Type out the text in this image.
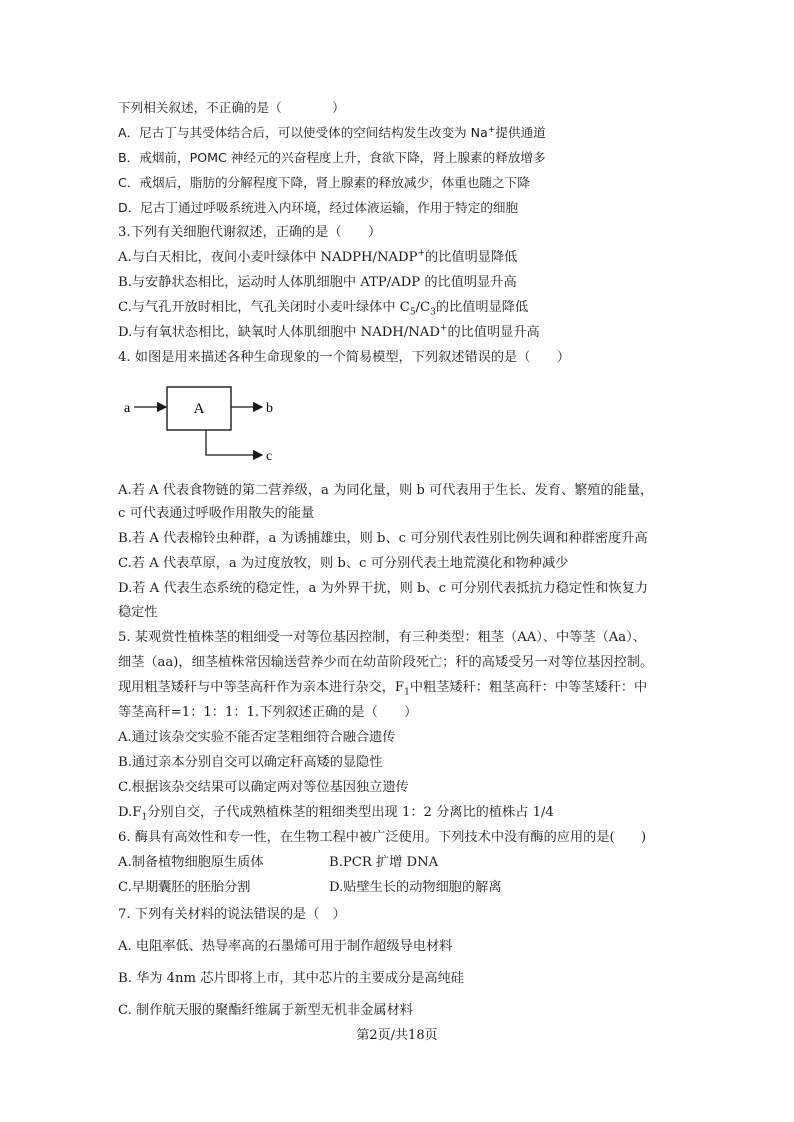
下列相关叙述，不正确的是（　　　　）
A．尼古丁与其受体结合后，可以使受体的空间结构发生改变为 Na+提供通道
B．戒烟前，POMC 神经元的兴奋程度上升，食欲下降，肾上腺素的释放增多
C．戒烟后，脂肪的分解程度下降，肾上腺素的释放减少，体重也随之下降
D．尼古丁通过呼吸系统进入内环境，经过体液运输，作用于特定的细胞
3.下列有关细胞代谢叙述，正确的是（　　）
A.与白天相比，夜间小麦叶绿体中 NADPH/NADP+的比值明显降低
B.与安静状态相比，运动时人体肌细胞中 ATP/ADP 的比值明显升高
C.与气孔开放时相比，气孔关闭时小麦叶绿体中 $C_5/C_3$的比值明显降低
D.与有氧状态相比，缺氧时人体肌细胞中 NADH/NAD+的比值明显升高
4. 如图是用来描述各种生命现象的一个简易模型，下列叙述错误的是（　　）
a	A	b
c
A.若 A 代表食物链的第二营养级，a 为同化量，则 b 可代表用于生长、发育、繁殖的能量，
c 可代表通过呼吸作用散失的能量
B.若 A 代表棉铃虫种群，a 为诱捕雄虫，则 b、c 可分别代表性别比例失调和种群密度升高
C.若 A 代表草原，a 为过度放牧，则 b、c 可分别代表土地荒漠化和物种减少
D.若 A 代表生态系统的稳定性，a 为外界干扰，则 b、c 可分别代表抵抗力稳定性和恢复力
稳定性
5. 某观赏性植株茎的粗细受一对等位基因控制，有三种类型：粗茎（AA）、中等茎（Aa）、
细茎（aa)，细茎植株常因输送营养少而在幼苗阶段死亡；秆的高矮受另一对等位基因控制。
现用粗茎矮秆与中等茎高秆作为亲本进行杂交，$F_1$中粗茎矮秆：粗茎高秆：中等茎矮秆：中
等茎高秆=1：1：1：1.下列叙述正确的是（　　）
A.通过该杂交实验不能否定茎粗细符合融合遗传
B.通过亲本分别自交可以确定秆高矮的显隐性
C.根据该杂交结果可以确定两对等位基因独立遗传
$D.F_1$分别自交，子代成熟植株茎的粗细类型出现 1：2 分离比的植株占 1/4
6. 酶具有高效性和专一性，在生物工程中被广泛使用。下列技术中没有酶的应用的是(　　)
A.制备植物细胞原生质体	B.PCR 扩增 DNA
C.早期囊胚的胚胎分割	D.贴壁生长的动物细胞的解离
7. 下列有关材料的说法错误的是（　）
A. 电阻率低、热导率高的石墨烯可用于制作超级导电材料
B. 华为 4nm 芯片即将上市，其中芯片的主要成分是高纯硅
C. 制作航天服的聚酯纤维属于新型无机非金属材料
第2页/共18页
